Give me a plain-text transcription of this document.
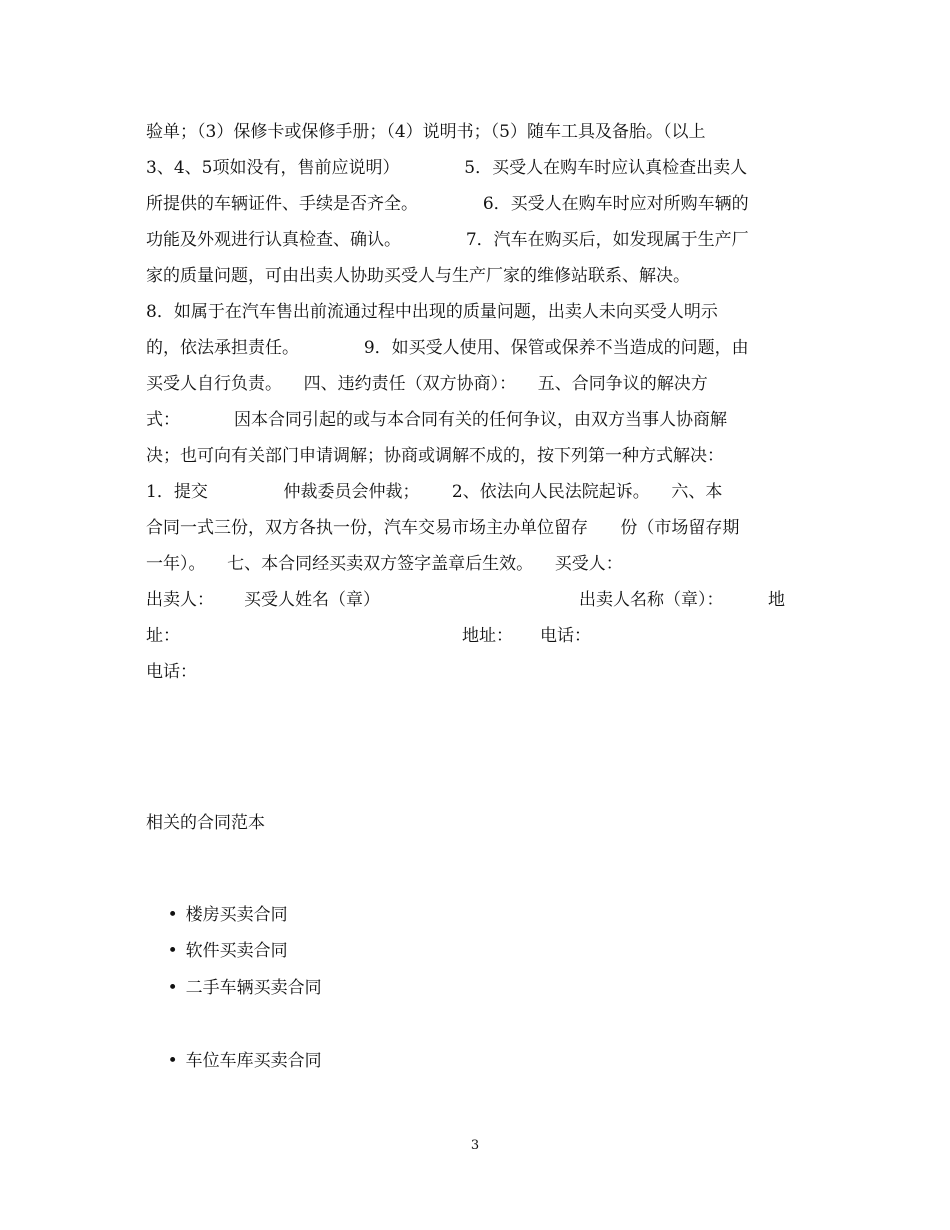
验单；（3）保修卡或保修手册；（4）说明书；（5）随车工具及备胎。（以上
3、4、5项如没有，售前应说明）            5．买受人在购车时应认真检查出卖人
所提供的车辆证件、手续是否齐全。            6．买受人在购车时应对所购车辆的
功能及外观进行认真检查、确认。            7．汽车在购买后，如发现属于生产厂
家的质量问题，可由出卖人协助买受人与生产厂家的维修站联系、解决。
8．如属于在汽车售出前流通过程中出现的质量问题，出卖人未向买受人明示
的，依法承担责任。            9．如买受人使用、保管或保养不当造成的问题，由
买受人自行负责。    四、违约责任（双方协商）：    五、合同争议的解决方
式：          因本合同引起的或与本合同有关的任何争议，由双方当事人协商解
决；也可向有关部门申请调解；协商或调解不成的，按下列第一种方式解决：
1．提交              仲裁委员会仲裁；      2、依法向人民法院起诉。    六、本
合同一式三份，双方各执一份，汽车交易市场主办单位留存      份（市场留存期
一年）。    七、本合同经买卖双方签字盖章后生效。    买受人：
出卖人： 买受人姓名（章）	出卖人名称（章）：	地
址：	地址： 电话：
电话：
相关的合同范本

• 楼房买卖合同

• 软件买卖合同

• 二手车辆买卖合同

• 车位车库买卖合同

3
